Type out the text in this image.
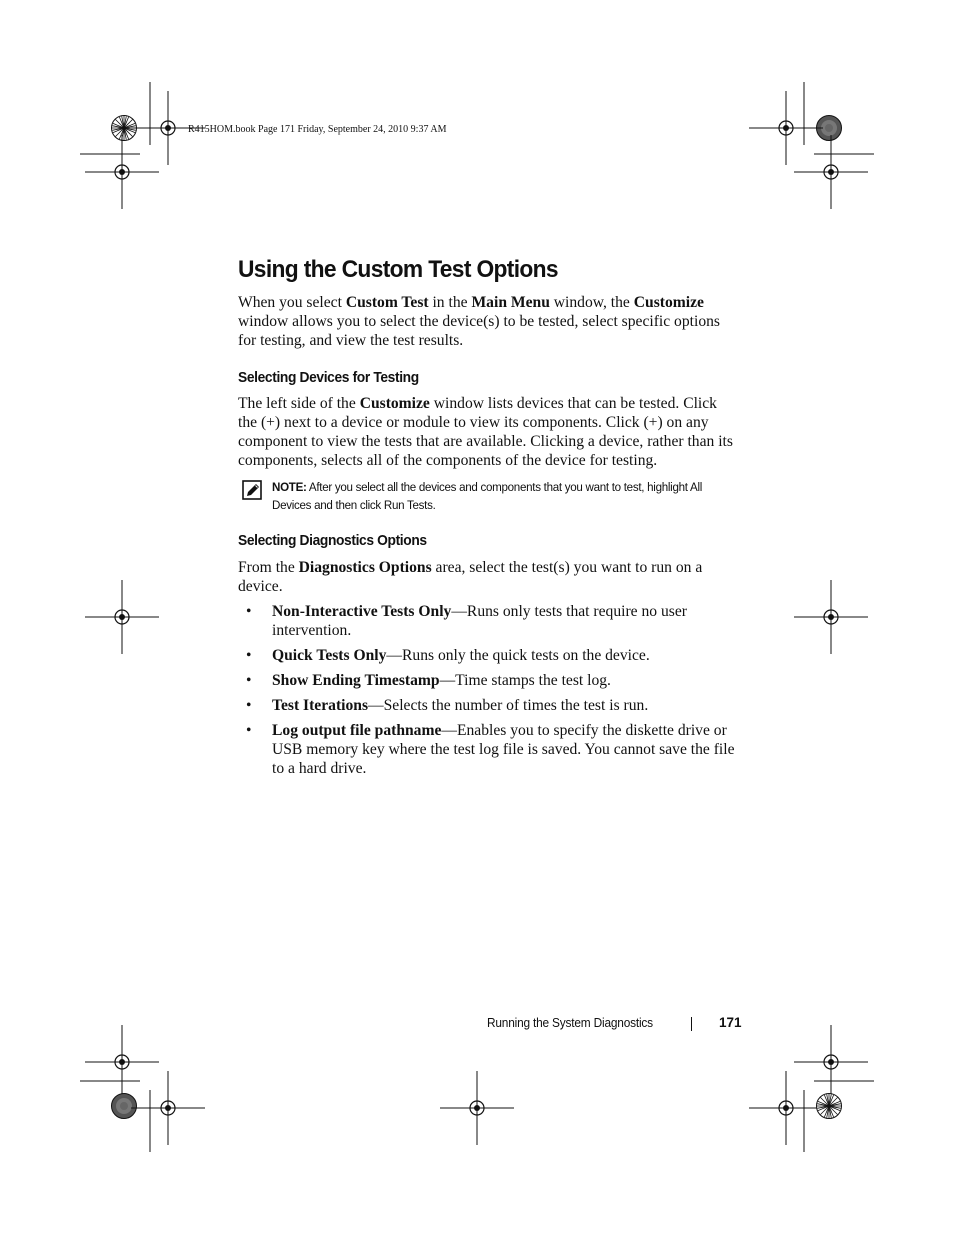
R415HOM.book Page 171 Friday, September 24, 2010 9:37 AM
Using the Custom Test Options

When you select Custom Test in the Main Menu window, the Customize window allows you to select the device(s) to be tested, select specific options for testing, and view the test results.

Selecting Devices for Testing

The left side of the Customize window lists devices that can be tested. Click the (+) next to a device or module to view its components. Click (+) on any component to view the tests that are available. Clicking a device, rather than its components, selects all of the components of the device for testing.

NOTE: After you select all the devices and components that you want to test, highlight All Devices and then click Run Tests.
Selecting Diagnostics Options

From the Diagnostics Options area, select the test(s) you want to run on a device.

• Non-Interactive Tests Only—Runs only tests that require no user intervention.
• Quick Tests Only—Runs only the quick tests on the device.
• Show Ending Timestamp—Time stamps the test log.
• Test Iterations—Selects the number of times the test is run.
• Log output file pathname—Enables you to specify the diskette drive or USB memory key where the test log file is saved. You cannot save the file to a hard drive.
Running the System Diagnostics	171
